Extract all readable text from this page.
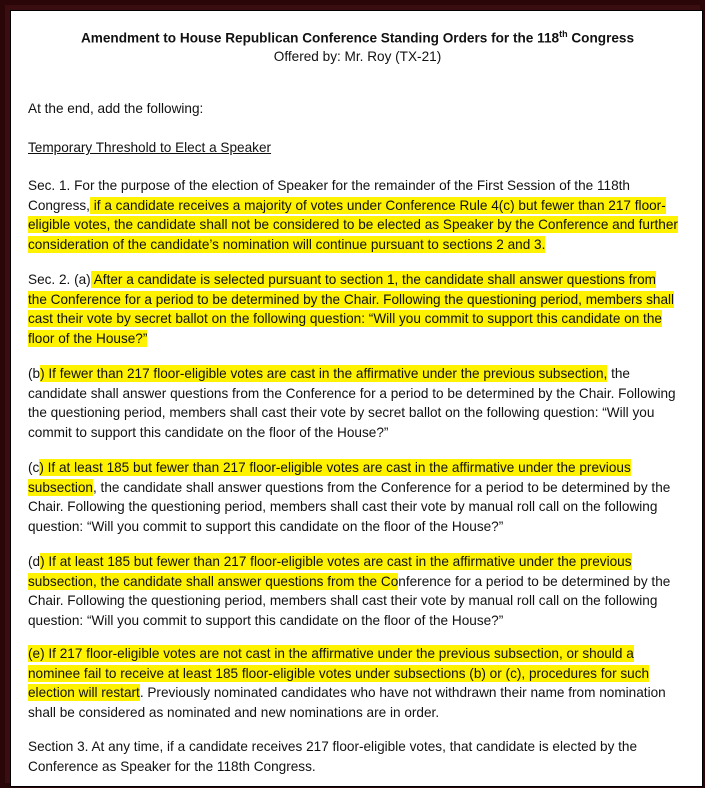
Amendment to House Republican Conference Standing Orders for the 118th Congress
Offered by: Mr. Roy (TX-21)
At the end, add the following:
Temporary Threshold to Elect a Speaker
Sec. 1. For the purpose of the election of Speaker for the remainder of the First Session of the 118th Congress, if a candidate receives a majority of votes under Conference Rule 4(c) but fewer than 217 floor-eligible votes, the candidate shall not be considered to be elected as Speaker by the Conference and further consideration of the candidate’s nomination will continue pursuant to sections 2 and 3.
Sec. 2. (a) After a candidate is selected pursuant to section 1, the candidate shall answer questions from the Conference for a period to be determined by the Chair. Following the questioning period, members shall cast their vote by secret ballot on the following question: “Will you commit to support this candidate on the floor of the House?”
(b) If fewer than 217 floor-eligible votes are cast in the affirmative under the previous subsection, the candidate shall answer questions from the Conference for a period to be determined by the Chair. Following the questioning period, members shall cast their vote by secret ballot on the following question: “Will you commit to support this candidate on the floor of the House?”
(c) If at least 185 but fewer than 217 floor-eligible votes are cast in the affirmative under the previous subsection, the candidate shall answer questions from the Conference for a period to be determined by the Chair. Following the questioning period, members shall cast their vote by manual roll call on the following question: “Will you commit to support this candidate on the floor of the House?”
(d) If at least 185 but fewer than 217 floor-eligible votes are cast in the affirmative under the previous subsection, the candidate shall answer questions from the Conference for a period to be determined by the Chair. Following the questioning period, members shall cast their vote by manual roll call on the following question: “Will you commit to support this candidate on the floor of the House?”
(e) If 217 floor-eligible votes are not cast in the affirmative under the previous subsection, or should a nominee fail to receive at least 185 floor-eligible votes under subsections (b) or (c), procedures for such election will restart. Previously nominated candidates who have not withdrawn their name from nomination shall be considered as nominated and new nominations are in order.
Section 3. At any time, if a candidate receives 217 floor-eligible votes, that candidate is elected by the Conference as Speaker for the 118th Congress.
